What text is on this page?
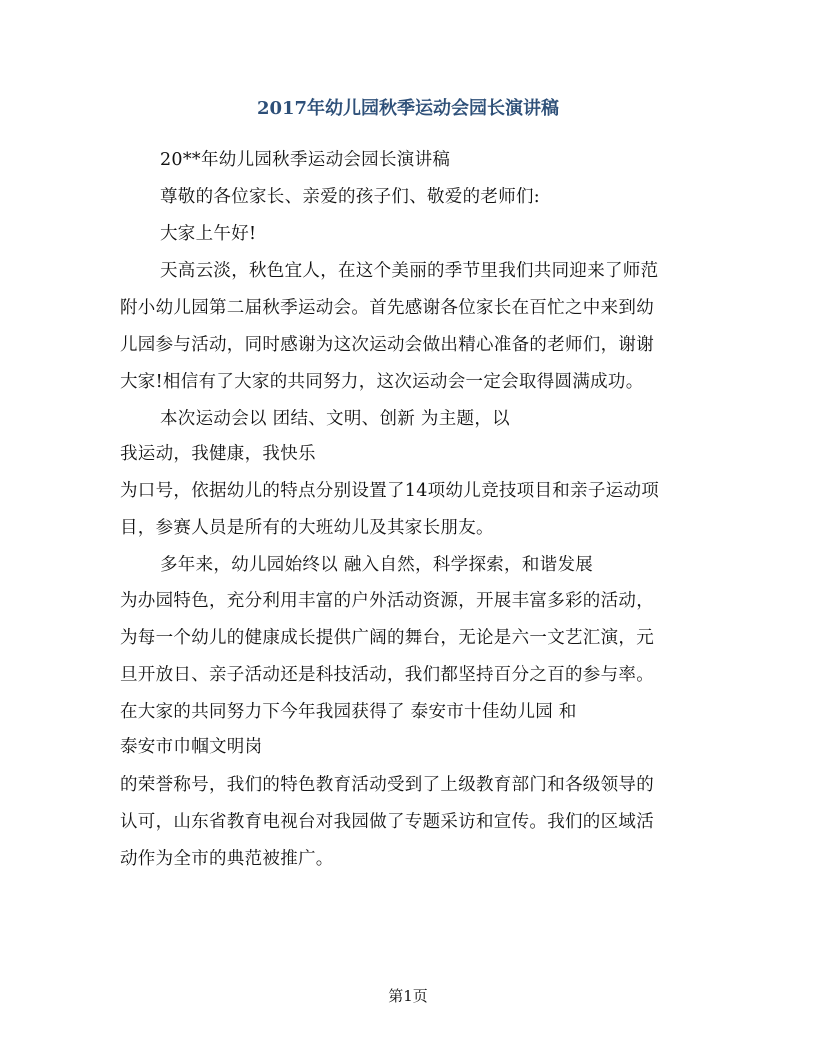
2017年幼儿园秋季运动会园长演讲稿
20**年幼儿园秋季运动会园长演讲稿
尊敬的各位家长、亲爱的孩子们、敬爱的老师们:
大家上午好!
天高云淡，秋色宜人，在这个美丽的季节里我们共同迎来了师范
附小幼儿园第二届秋季运动会。首先感谢各位家长在百忙之中来到幼
儿园参与活动，同时感谢为这次运动会做出精心准备的老师们，谢谢
大家!相信有了大家的共同努力，这次运动会一定会取得圆满成功。
本次运动会以 团结、文明、创新 为主题，以
我运动，我健康，我快乐
为口号，依据幼儿的特点分别设置了14项幼儿竞技项目和亲子运动项
目，参赛人员是所有的大班幼儿及其家长朋友。
多年来，幼儿园始终以 融入自然，科学探索，和谐发展
为办园特色，充分利用丰富的户外活动资源，开展丰富多彩的活动，
为每一个幼儿的健康成长提供广阔的舞台，无论是六一文艺汇演，元
旦开放日、亲子活动还是科技活动，我们都坚持百分之百的参与率。
在大家的共同努力下今年我园获得了 泰安市十佳幼儿园 和
泰安市巾帼文明岗
的荣誉称号，我们的特色教育活动受到了上级教育部门和各级领导的
认可，山东省教育电视台对我园做了专题采访和宣传。我们的区域活
动作为全市的典范被推广。
第1页
